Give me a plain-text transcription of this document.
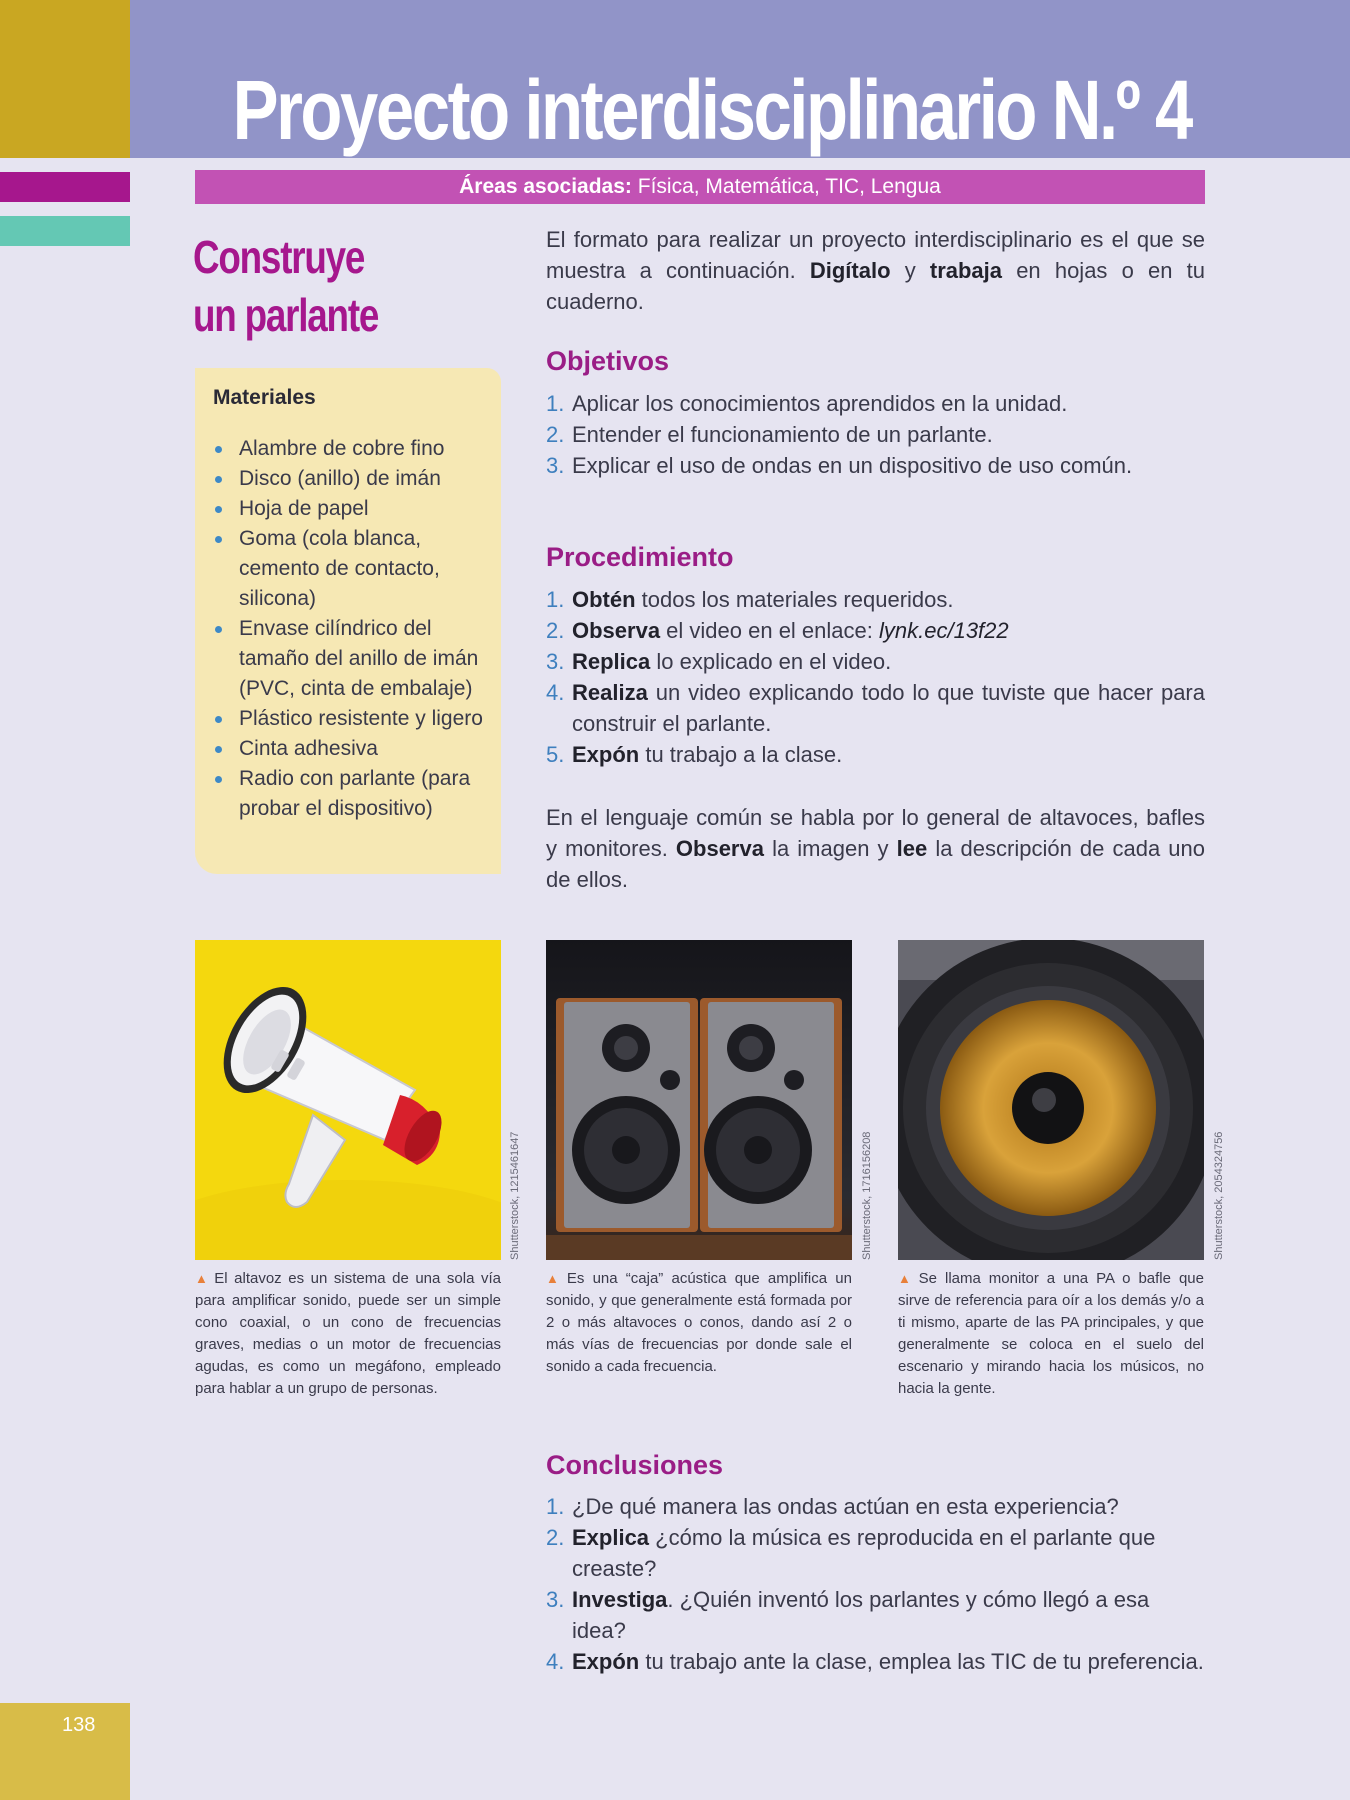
Proyecto interdisciplinario N.º 4
Áreas asociadas: Física, Matemática, TIC, Lengua
Construye
un parlante
Materiales
Alambre de cobre fino
Disco (anillo) de imán
Hoja de papel
Goma (cola blanca, cemento de contacto, silicona)
Envase cilíndrico del tamaño del anillo de imán (PVC, cinta de embalaje)
Plástico resistente y ligero
Cinta adhesiva
Radio con parlante (para probar el dispositivo)

El formato para realizar un proyecto interdisciplinario es el que se muestra a continuación. Digítalo y trabaja en hojas o en tu cuaderno.

Objetivos
1. Aplicar los conocimientos aprendidos en la unidad.
2. Entender el funcionamiento de un parlante.
3. Explicar el uso de ondas en un dispositivo de uso común.
Procedimiento
1. Obtén todos los materiales requeridos.
2. Observa el video en el enlace: lynk.ec/13f22
3. Replica lo explicado en el video.
4. Realiza un video explicando todo lo que tuviste que hacer para construir el parlante.
5. Expón tu trabajo a la clase.

En el lenguaje común se habla por lo general de altavoces, bafles y monitores. Observa la imagen y lee la descripción de cada uno de ellos.

Shutterstock, 1215461647	Shutterstock, 1716156208	Shutterstock, 2054324756

▲ El altavoz es un sistema de una sola vía para amplificar sonido, puede ser un simple cono coaxial, o un cono de frecuencias graves, medias o un motor de frecuencias agudas, es como un megáfono, empleado para hablar a un grupo de personas.

▲ Es una “caja” acústica que amplifica un sonido, y que generalmente está formada por 2 o más altavoces o conos, dando así 2 o más vías de frecuencias por donde sale el sonido a cada frecuencia.

▲ Se llama monitor a una PA o bafle que sirve de referencia para oír a los demás y/o a ti mismo, aparte de las PA principales, y que generalmente se coloca en el suelo del escenario y mirando hacia los músicos, no hacia la gente.

Conclusiones
1. ¿De qué manera las ondas actúan en esta experiencia?
2. Explica ¿cómo la música es reproducida en el parlante que creaste?
3. Investiga. ¿Quién inventó los parlantes y cómo llegó a esa idea?
4. Expón tu trabajo ante la clase, emplea las TIC de tu preferencia.
138
